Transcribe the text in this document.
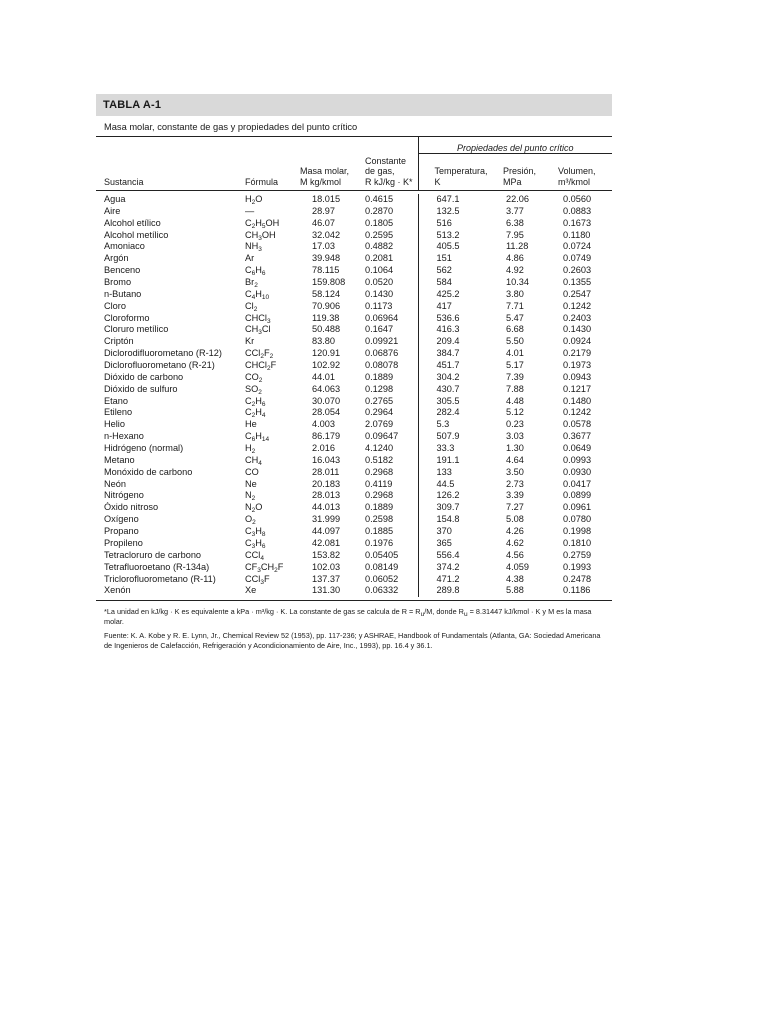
TABLA A-1
Masa molar, constante de gas y propiedades del punto crítico
				Propiedades del punto crítico		
			Constante			
		Masa molar,	de gas,	Temperatura,	Presión,	Volumen,
Sustancia	Fórmula	M kg/kmol	R kJ/kg · K*	K	MPa	m³/kmol
Agua	$H_2O$	18.015	0.4615	647.1	22.06	0.0560
Aire	—	28.97	0.2870	132.5	3.77	0.0883
Alcohol etílico	$C_2H_5OH$	46.07	0.1805	516	6.38	0.1673
Alcohol metílico	$CH_3OH$	32.042	0.2595	513.2	7.95	0.1180
Amoniaco	$NH_3$	17.03	0.4882	405.5	11.28	0.0724
Argón	Ar	39.948	0.2081	151	4.86	0.0749
Benceno	$C_6H_6$	78.115	0.1064	562	4.92	0.2603
Bromo	$Br_2$	159.808	0.0520	584	10.34	0.1355
n-Butano	$C_4H_{10}$	58.124	0.1430	425.2	3.80	0.2547
Cloro	$Cl_2$	70.906	0.1173	417	7.71	0.1242
Cloroformo	CHCl$_3$	119.38	0.06964	536.6	5.47	0.2403
Cloruro metílico	$CH_3Cl$	50.488	0.1647	416.3	6.68	0.1430
Criptón	Kr	83.80	0.09921	209.4	5.50	0.0924
Diclorodifluorometano (R-12)	$CCl_2F_2$	120.91	0.06876	384.7	4.01	0.2179
Diclorofluorometano (R-21)	CHCl$_2$F	102.92	0.08078	451.7	5.17	0.1973
Dióxido de carbono	$CO_2$	44.01	0.1889	304.2	7.39	0.0943
Dióxido de sulfuro	$SO_2$	64.063	0.1298	430.7	7.88	0.1217
Etano	$C_2H_6$	30.070	0.2765	305.5	4.48	0.1480
Etileno	$C_2H_4$	28.054	0.2964	282.4	5.12	0.1242
Helio	He	4.003	2.0769	5.3	0.23	0.0578
n-Hexano	$C_6H_{14}$	86.179	0.09647	507.9	3.03	0.3677
Hidrógeno (normal)	$H_2$	2.016	4.1240	33.3	1.30	0.0649
Metano	$CH_4$	16.043	0.5182	191.1	4.64	0.0993
Monóxido de carbono	CO	28.011	0.2968	133	3.50	0.0930
Neón	Ne	20.183	0.4119	44.5	2.73	0.0417
Nitrógeno	$N_2$	28.013	0.2968	126.2	3.39	0.0899
Óxido nitroso	$N_2O$	44.013	0.1889	309.7	7.27	0.0961
Oxígeno	$O_2$	31.999	0.2598	154.8	5.08	0.0780
Propano	$C_3H_8$	44.097	0.1885	370	4.26	0.1998
Propileno	$C_3H_6$	42.081	0.1976	365	4.62	0.1810
Tetracloruro de carbono	CCl$_4$	153.82	0.05405	556.4	4.56	0.2759
Tetrafluoroetano (R-134a)	$CF_3CH_2F$	102.03	0.08149	374.2	4.059	0.1993
Triclorofluorometano (R-11)	CCl$_3$F	137.37	0.06052	471.2	4.38	0.2478
Xenón	Xe	131.30	0.06332	289.8	5.88	0.1186
*La unidad en kJ/kg · K es equivalente a kPa · m³/kg · K. La constante de gas se calcula de $R = R_u/M$, donde $R_u = 8.31447$ kJ/kmol · K y M es la masa molar.
Fuente: K. A. Kobe y R. E. Lynn, Jr., Chemical Review 52 (1953), pp. 117-236; y ASHRAE, Handbook of Fundamentals (Atlanta, GA: Sociedad Americana de Ingenieros de Calefacción, Refrigeración y Acondicionamiento de Aire, Inc., 1993), pp. 16.4 y 36.1.
